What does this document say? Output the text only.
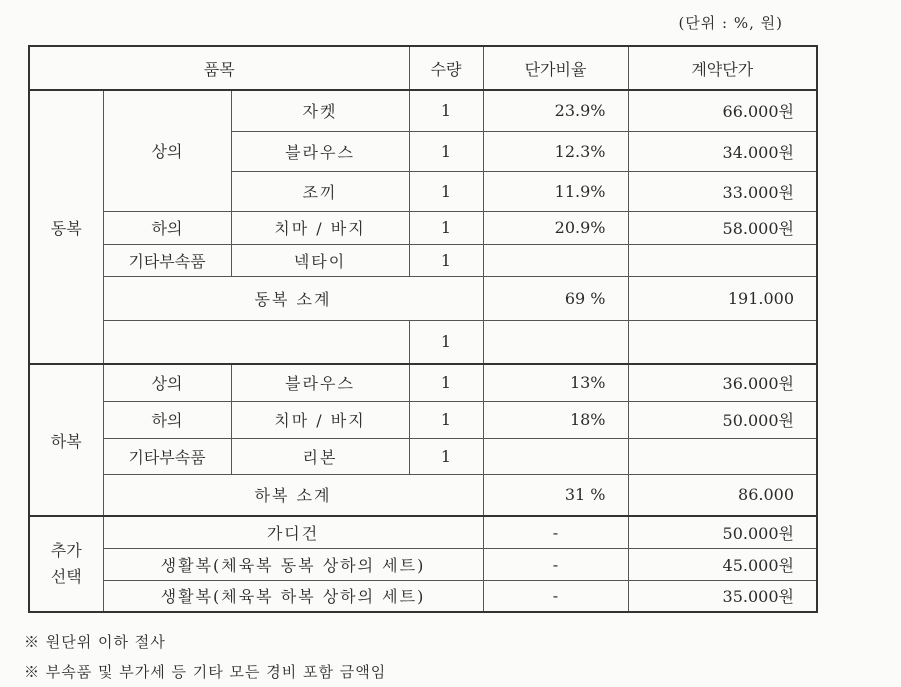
(단위 : %, 원)
품목			수량	단가비율	계약단가
동복	상의	자켓	1	23.9%	66.000원
		블라우스	1	12.3%	34.000원
		조끼	1	11.9%	33.000원
	하의	치마 / 바지	1	20.9%	58.000원
	기타부속품	넥타이	1		
	동복 소계			69 %	191.000
			1		
하복	상의	블라우스	1	13%	36.000원
	하의	치마 / 바지	1	18%	50.000원
	기타부속품	리본	1		
	하복 소계			31 %	86.000

추가
선택	가디건			-	50.000원
	생활복(체육복 동복 상하의 세트)			-	45.000원
	생활복(체육복 하복 상하의 세트)			-	35.000원
※ 원단위 이하 절사
※ 부속품 및 부가세 등 기타 모든 경비 포함 금액임
